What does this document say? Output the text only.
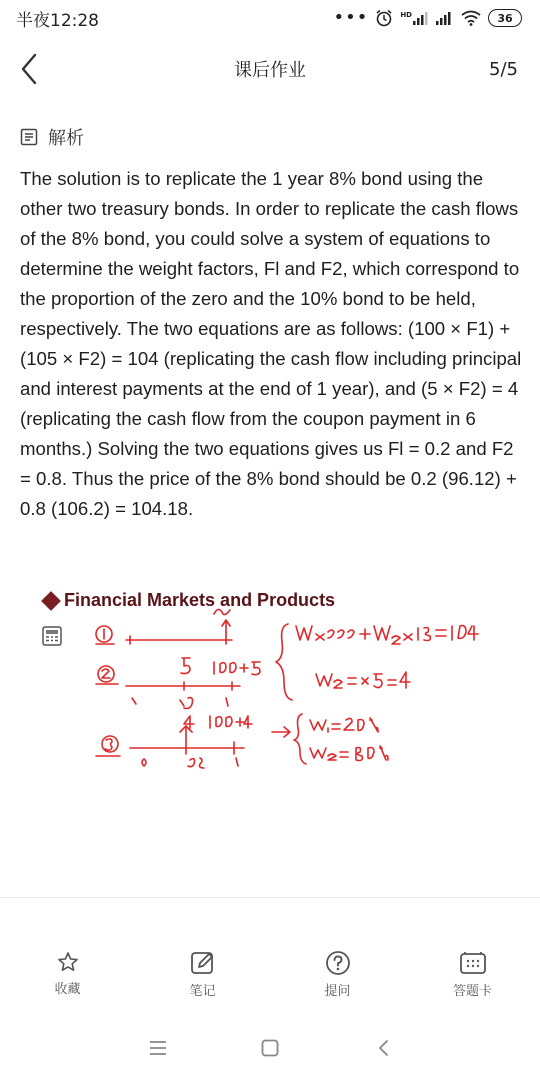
半夜12:28	•••	HD	36
课后作业	5/5
解析
The solution is to replicate the 1 year 8% bond using the other two treasury bonds. In order to replicate the cash flows of the 8% bond, you could solve a system of equations to determine the weight factors, Fl and F2, which correspond to the proportion of the zero and the 10% bond to be held, respectively. The two equations are as follows: (100 × F1) + (105 × F2) = 104 (replicating the cash flow including principal and interest payments at the end of 1 year), and (5 × F2) = 4 (replicating the cash flow from the coupon payment in 6 months.) Solving the two equations gives us Fl = 0.2 and F2 = 0.8. Thus the price of the 8% bond should be 0.2 (96.12) + 0.8 (106.2) = 104.18.
Financial Markets and Products
收藏	笔记	提问	答题卡
